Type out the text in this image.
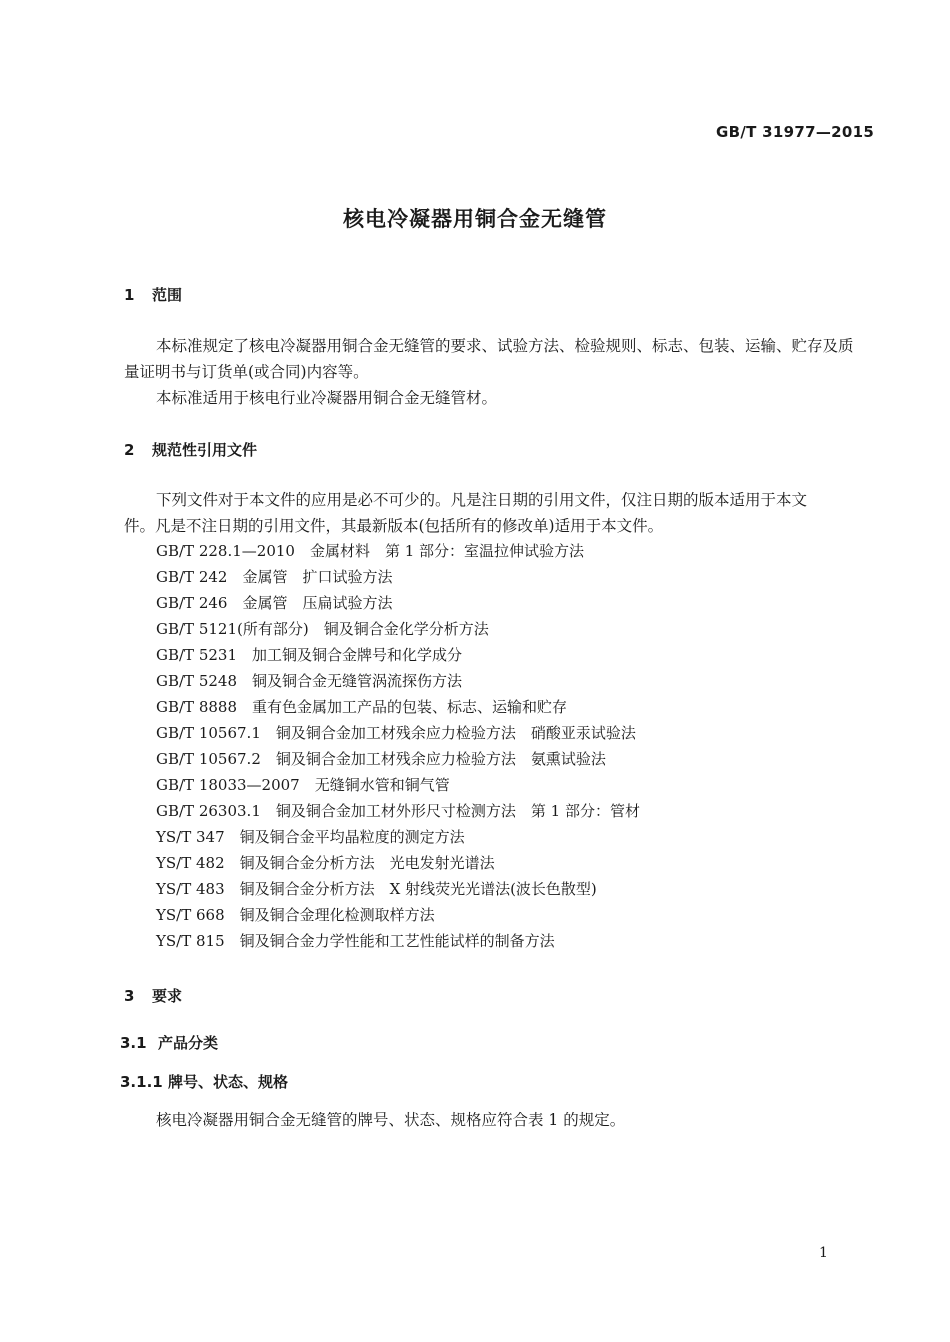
GB/T 31977—2015
核电冷凝器用铜合金无缝管
1 范围
本标准规定了核电冷凝器用铜合金无缝管的要求、试验方法、检验规则、标志、包装、运输、贮存及质
量证明书与订货单(或合同)内容等。
本标准适用于核电行业冷凝器用铜合金无缝管材。
2 规范性引用文件
下列文件对于本文件的应用是必不可少的。凡是注日期的引用文件，仅注日期的版本适用于本文
件。凡是不注日期的引用文件，其最新版本(包括所有的修改单)适用于本文件。
GB/T 228.1—2010　金属材料　第 1 部分：室温拉伸试验方法
GB/T 242　金属管　扩口试验方法
GB/T 246　金属管　压扁试验方法
GB/T 5121(所有部分)　铜及铜合金化学分析方法
GB/T 5231　加工铜及铜合金牌号和化学成分
GB/T 5248　铜及铜合金无缝管涡流探伤方法
GB/T 8888　重有色金属加工产品的包装、标志、运输和贮存
GB/T 10567.1　铜及铜合金加工材残余应力检验方法　硝酸亚汞试验法
GB/T 10567.2　铜及铜合金加工材残余应力检验方法　氨熏试验法
GB/T 18033—2007　无缝铜水管和铜气管
GB/T 26303.1　铜及铜合金加工材外形尺寸检测方法　第 1 部分：管材
YS/T 347　铜及铜合金平均晶粒度的测定方法
YS/T 482　铜及铜合金分析方法　光电发射光谱法
YS/T 483　铜及铜合金分析方法　X 射线荧光光谱法(波长色散型)
YS/T 668　铜及铜合金理化检测取样方法
YS/T 815　铜及铜合金力学性能和工艺性能试样的制备方法
3 要求
3.1 产品分类
3.1.1 牌号、状态、规格
核电冷凝器用铜合金无缝管的牌号、状态、规格应符合表 1 的规定。
1
